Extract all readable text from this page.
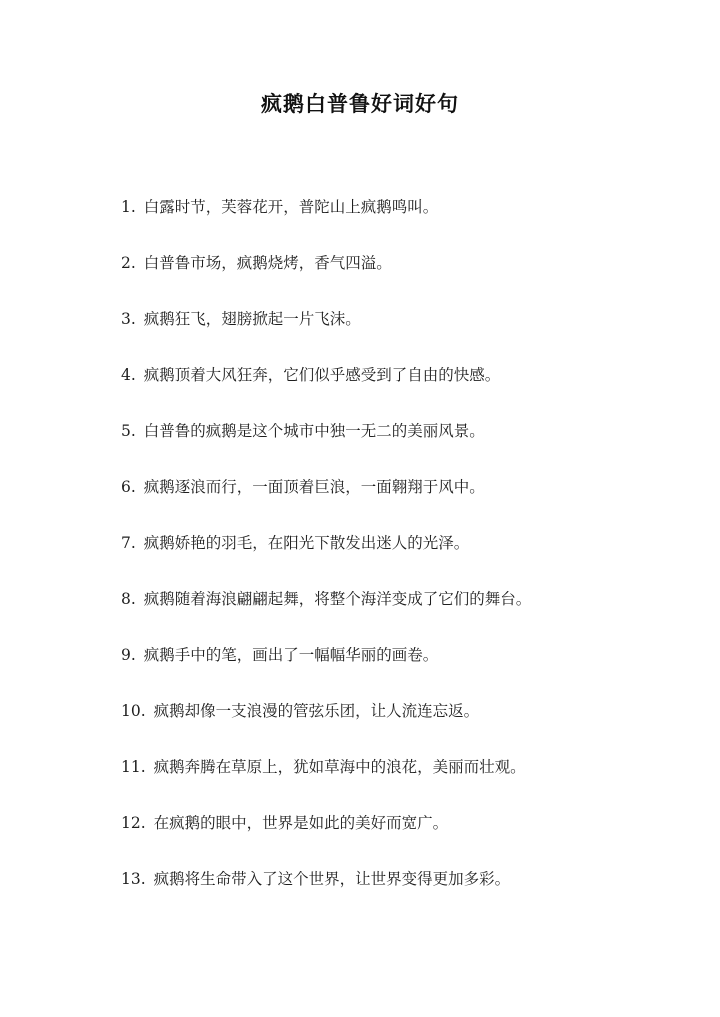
疯鹅白普鲁好词好句
1. 白露时节，芙蓉花开，普陀山上疯鹅鸣叫。
2. 白普鲁市场，疯鹅烧烤，香气四溢。
3. 疯鹅狂飞，翅膀掀起一片飞沫。
4. 疯鹅顶着大风狂奔，它们似乎感受到了自由的快感。
5. 白普鲁的疯鹅是这个城市中独一无二的美丽风景。
6. 疯鹅逐浪而行，一面顶着巨浪，一面翱翔于风中。
7. 疯鹅娇艳的羽毛，在阳光下散发出迷人的光泽。
8. 疯鹅随着海浪翩翩起舞，将整个海洋变成了它们的舞台。
9. 疯鹅手中的笔，画出了一幅幅华丽的画卷。
10. 疯鹅却像一支浪漫的管弦乐团，让人流连忘返。
11. 疯鹅奔腾在草原上，犹如草海中的浪花，美丽而壮观。
12. 在疯鹅的眼中，世界是如此的美好而宽广。
13. 疯鹅将生命带入了这个世界，让世界变得更加多彩。
